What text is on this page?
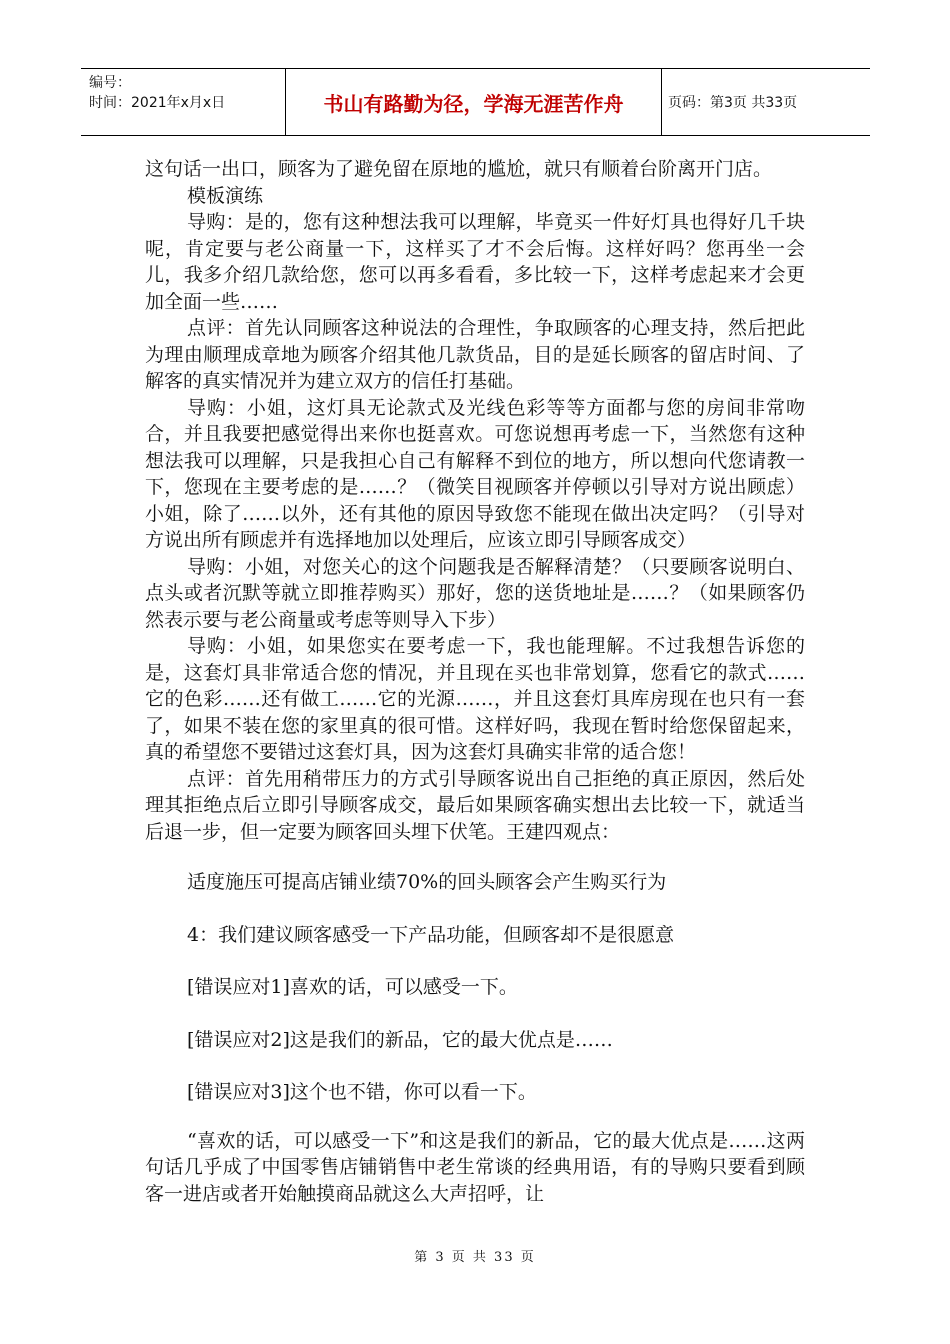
编号：
时间：2021年x月x日	书山有路勤为径，学海无涯苦作舟	页码：第3页 共33页

这句话一出口，顾客为了避免留在原地的尴尬，就只有顺着台阶离开门店。

模板演练

导购：是的，您有这种想法我可以理解，毕竟买一件好灯具也得好几千块呢，肯定要与老公商量一下，这样买了才不会后悔。这样好吗？您再坐一会儿，我多介绍几款给您，您可以再多看看，多比较一下，这样考虑起来才会更加全面一些……

点评：首先认同顾客这种说法的合理性，争取顾客的心理支持，然后把此为理由顺理成章地为顾客介绍其他几款货品，目的是延长顾客的留店时间、了解客的真实情况并为建立双方的信任打基础。

导购：小姐，这灯具无论款式及光线色彩等等方面都与您的房间非常吻合，并且我要把感觉得出来你也挺喜欢。可您说想再考虑一下，当然您有这种想法我可以理解，只是我担心自己有解释不到位的地方，所以想向代您请教一下，您现在主要考虑的是……？（微笑目视顾客并停顿以引导对方说出顾虑）小姐，除了……以外，还有其他的原因导致您不能现在做出决定吗？（引导对方说出所有顾虑并有选择地加以处理后，应该立即引导顾客成交）

导购：小姐，对您关心的这个问题我是否解释清楚？（只要顾客说明白、点头或者沉默等就立即推荐购买）那好，您的送货地址是……？（如果顾客仍然表示要与老公商量或考虑等则导入下步）

导购：小姐，如果您实在要考虑一下，我也能理解。不过我想告诉您的是，这套灯具非常适合您的情况，并且现在买也非常划算，您看它的款式……它的色彩……还有做工……它的光源……，并且这套灯具库房现在也只有一套了，如果不装在您的家里真的很可惜。这样好吗，我现在暂时给您保留起来，真的希望您不要错过这套灯具，因为这套灯具确实非常的适合您！

点评：首先用稍带压力的方式引导顾客说出自己拒绝的真正原因，然后处理其拒绝点后立即引导顾客成交，最后如果顾客确实想出去比较一下，就适当后退一步，但一定要为顾客回头埋下伏笔。王建四观点：

适度施压可提高店铺业绩70%的回头顾客会产生购买行为

4：我们建议顾客感受一下产品功能，但顾客却不是很愿意

[错误应对1]喜欢的话，可以感受一下。

[错误应对2]这是我们的新品，它的最大优点是……

[错误应对3]这个也不错，你可以看一下。

“喜欢的话，可以感受一下”和这是我们的新品，它的最大优点是……这两句话几乎成了中国零售店铺销售中老生常谈的经典用语，有的导购只要看到顾客一进店或者开始触摸商品就这么大声招呼，让

第 3 页 共 33 页
